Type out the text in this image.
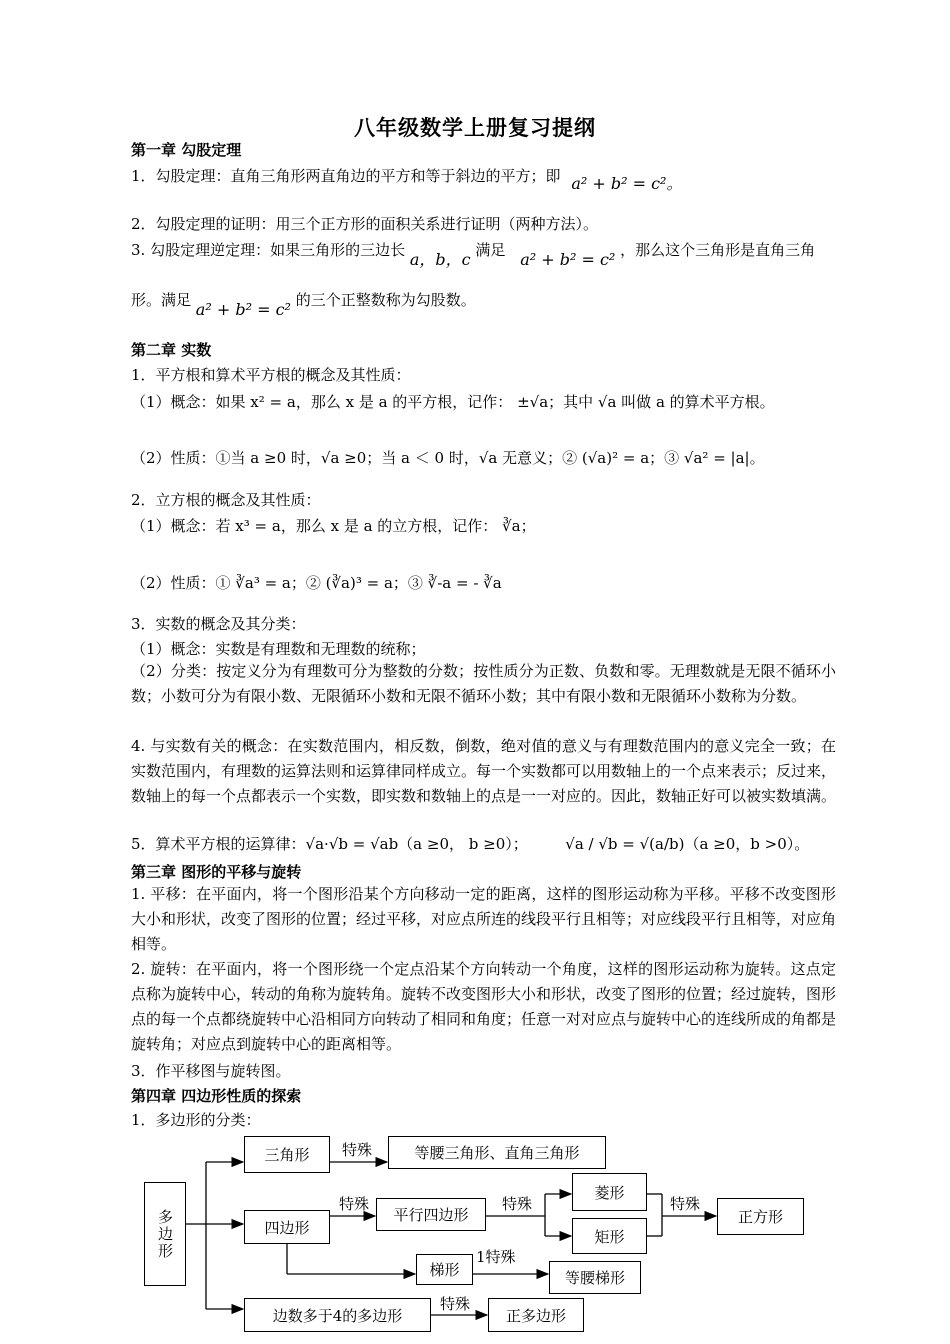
八年级数学上册复习提纲
第一章 勾股定理
1．勾股定理：直角三角形两直角边的平方和等于斜边的平方；即 a² + b² = c²。
2．勾股定理的证明：用三个正方形的面积关系进行证明（两种方法）。
3. 勾股定理逆定理：如果三角形的三边长 a，b，c 满足 a² + b² = c² ，那么这个三角形是直角三角
形。满足 a² + b² = c² 的三个正整数称为勾股数。
第二章 实数
1．平方根和算术平方根的概念及其性质：
（1）概念：如果 x² = a，那么 x 是 a 的平方根，记作： ±√a；其中 √a 叫做 a 的算术平方根。
（2）性质：①当 a ≥0 时，√a ≥0；当 a ＜ 0 时，√a 无意义；② (√a)² = a；③ √a² = |a|。
2．立方根的概念及其性质：
（1）概念：若 x³ = a，那么 x 是 a 的立方根，记作： ∛a；
（2）性质：① ∛a³ = a；② (∛a)³ = a；③ ∛-a = - ∛a
3．实数的概念及其分类：
（1）概念：实数是有理数和无理数的统称；
（2）分类：按定义分为有理数可分为整数的分数；按性质分为正数、负数和零。无理数就是无限不循环小数；小数可分为有限小数、无限循环小数和无限不循环小数；其中有限小数和无限循环小数称为分数。
4. 与实数有关的概念：在实数范围内，相反数，倒数，绝对值的意义与有理数范围内的意义完全一致；在实数范围内，有理数的运算法则和运算律同样成立。每一个实数都可以用数轴上的一个点来表示；反过来，数轴上的每一个点都表示一个实数，即实数和数轴上的点是一一对应的。因此，数轴正好可以被实数填满。
5．算术平方根的运算律：√a·√b = √ab（a ≥0， b ≥0）；　　　√a / √b = √(a/b)（a ≥0，b >0）。
第三章 图形的平移与旋转
1. 平移：在平面内，将一个图形沿某个方向移动一定的距离，这样的图形运动称为平移。平移不改变图形大小和形状，改变了图形的位置；经过平移，对应点所连的线段平行且相等；对应线段平行且相等，对应角相等。
2. 旋转：在平面内，将一个图形绕一个定点沿某个方向转动一个角度，这样的图形运动称为旋转。这点定点称为旋转中心，转动的角称为旋转角。旋转不改变图形大小和形状，改变了图形的位置；经过旋转，图形点的每一个点都绕旋转中心沿相同方向转动了相同和角度；任意一对对应点与旋转中心的连线所成的角都是旋转角；对应点到旋转中心的距离相等。
3．作平移图与旋转图。
第四章 四边形性质的探索
1．多边形的分类：
多边形
三角形	等腰三角形、直角三角形
四边形
平行四边形
菱形
矩形
正方形
梯形	等腰梯形
边数多于4的多边形	正多边形
特殊
特殊	特殊	特殊
1特殊
特殊
